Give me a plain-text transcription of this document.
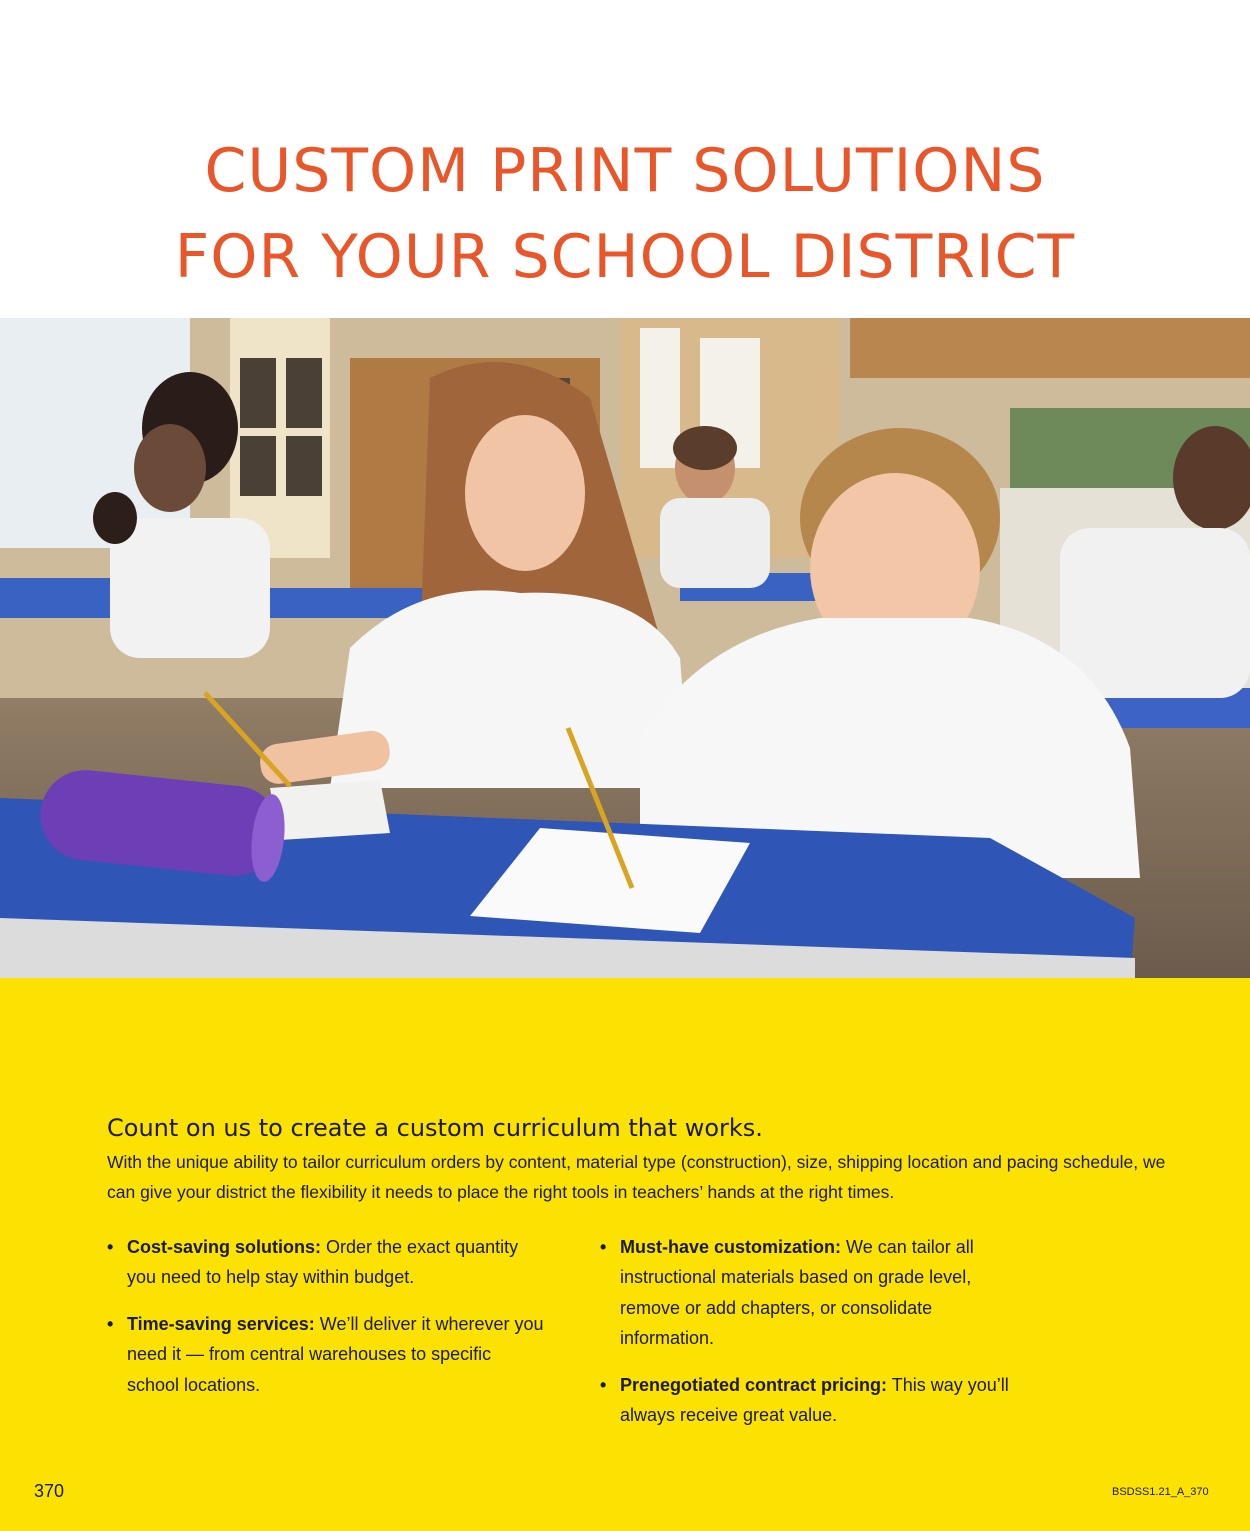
CUSTOM PRINT SOLUTIONS
FOR YOUR SCHOOL DISTRICT

Count on us to create a custom curriculum that works.

With the unique ability to tailor curriculum orders by content, material type (construction), size, shipping location and pacing schedule, we can give your district the flexibility it needs to place the right tools in teachers’ hands at the right times.

• Cost-saving solutions: Order the exact quantity you need to help stay within budget.
• Time-saving services: We’ll deliver it wherever you need it — from central warehouses to specific school locations.
• Must-have customization: We can tailor all instructional materials based on grade level, remove or add chapters, or consolidate information.
• Prenegotiated contract pricing: This way you’ll always receive great value.
370	BSDSS1.21_A_370
